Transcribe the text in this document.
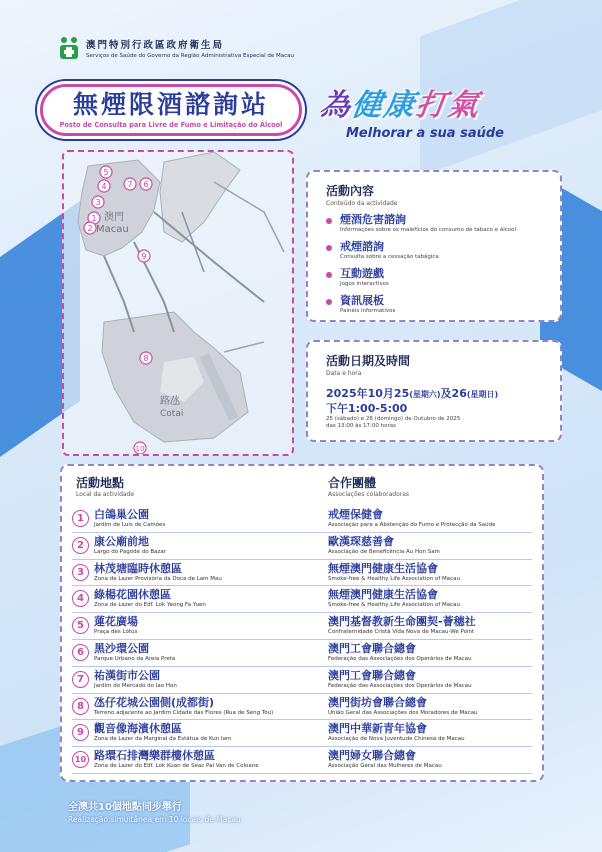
澳門特別行政區政府衛生局
Serviços de Saúde do Governo da Região Administrativa Especial de Macau
無煙限酒諮詢站
Posto de Consulta para Livre de Fumo e Limitação do Álcool
為健康打氣
Melhorar a sua saúde
澳門
Macau
路氹
Cotai
5
4	7 6
3
1
2
9
8
10
活動內容
Conteúdo da actividade
煙酒危害諮詢
Informações sobre os malefícios do consumo de tabaco e álcool
戒煙諮詢
Consulta sobre a cessação tabágica
互動遊戲
Jogos interactivos
資訊展板
Painéis informativos
活動日期及時間
Data e hora
2025年10月25(星期六)及26(星期日)
下午1:00-5:00
25 (sábado) e 26 (domingo) de Outubro de 2025
das 13:00 às 17:00 horas
活動地點
Local da actividade
合作團體
Associações colaboradoras
1 白鴿巢公園
Jardim de Luís de Camões
戒煙保健會
Associação para a Abstenção do Fumo e Protecção da Saúde
2 康公廟前地
Largo do Pagode do Bazar
歐漢琛慈善會
Associação de Beneficência Au Hon Sam
3 林茂塘臨時休憩區
Zona de Lazer Provisória da Doca de Lam Mau
無煙澳門健康生活協會
Smoke-free & Healthy Life Association of Macau
4 綠楊花園休憩區
Zona de Lazer do Edf. Lok Yeong Fa Yuen
無煙澳門健康生活協會
Smoke-free & Healthy Life Association of Macau
5 蓮花廣場
Praça des Lótus
澳門基督教新生命團契-薈穗社
Confraternidade Cristã Vida Nova de Macau-We Point
6 黑沙環公園
Parque Urbano da Areia Preta
澳門工會聯合總會
Federação das Associações dos Operários de Macau
7 祐漢街市公園
Jardim do Mercado do Iao Hon
澳門工會聯合總會
Federação das Associações dos Operários de Macau
8 氹仔花城公園側(成都街)
Terreno adjacente ao Jardim Cidade das Flores (Rua de Seng Tou)
澳門街坊會聯合總會
União Geral das Associações dos Moradores de Macau
9 觀音像海濱休憩區
Zona de Lazer da Marginal da Estátua de Kun Iam
澳門中華新青年協會
Associação de Nova Juventude Chinesa de Macau
10 路環石排灣樂群樓休憩區
Zona de Lazer do Edf. Lok Kuan de Seac Pai Van de Coloane
澳門婦女聯合總會
Associação Geral das Mulheres de Macau
全澳共10個地點同步舉行
Realização simultânea em 10 locais de Macau
